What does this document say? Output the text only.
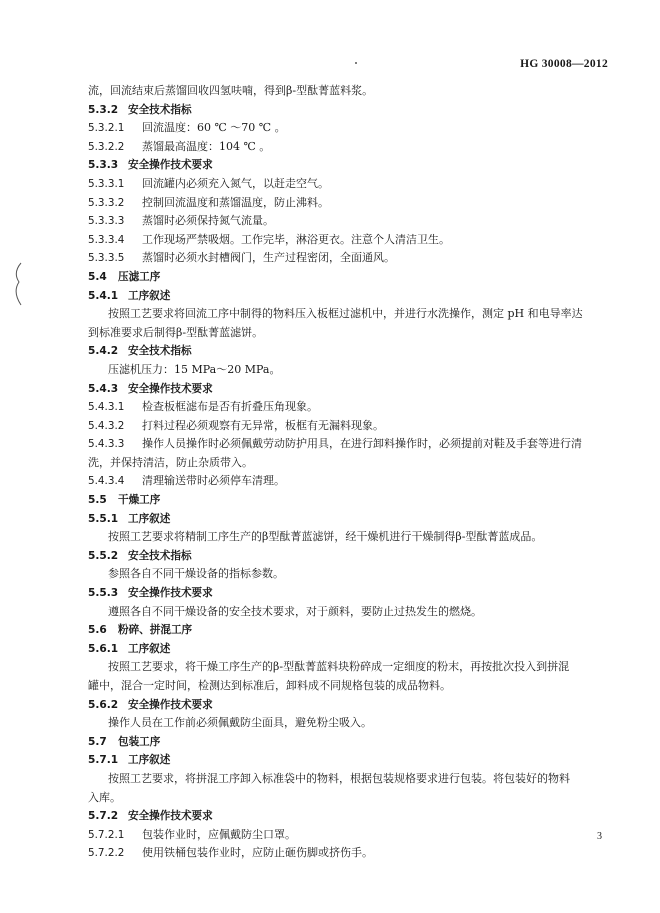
HG 30008—2012
流，回流结束后蒸馏回收四氢呋喃，得到β-型酞菁蓝料浆。
5.3.2 安全技术指标
5.3.2.1 回流温度：60 ℃ ～70 ℃ 。
5.3.2.2 蒸馏最高温度：104 ℃ 。
5.3.3 安全操作技术要求
5.3.3.1 回流罐内必须充入氮气，以赶走空气。
5.3.3.2 控制回流温度和蒸馏温度，防止沸料。
5.3.3.3 蒸馏时必须保持氮气流量。
5.3.3.4 工作现场严禁吸烟。工作完毕，淋浴更衣。注意个人清洁卫生。
5.3.3.5 蒸馏时必须水封槽阀门，生产过程密闭，全面通风。
5.4 压滤工序
5.4.1 工序叙述
按照工艺要求将回流工序中制得的物料压入板框过滤机中，并进行水洗操作，测定 pH 和电导率达
到标准要求后制得β-型酞菁蓝滤饼。
5.4.2 安全技术指标
压滤机压力：15 MPa～20 MPa。
5.4.3 安全操作技术要求
5.4.3.1 检查板框滤布是否有折叠压角现象。
5.4.3.2 打料过程必须观察有无异常，板框有无漏料现象。
5.4.3.3 操作人员操作时必须佩戴劳动防护用具，在进行卸料操作时，必须提前对鞋及手套等进行清
洗，并保持清洁，防止杂质带入。
5.4.3.4 清理输送带时必须停车清理。
5.5 干燥工序
5.5.1 工序叙述
按照工艺要求将精制工序生产的β型酞菁蓝滤饼，经干燥机进行干燥制得β-型酞菁蓝成品。
5.5.2 安全技术指标
参照各自不同干燥设备的指标参数。
5.5.3 安全操作技术要求
遵照各自不同干燥设备的安全技术要求，对于颜料，要防止过热发生的燃烧。
5.6 粉碎、拼混工序
5.6.1 工序叙述
按照工艺要求，将干燥工序生产的β-型酞菁蓝料块粉碎成一定细度的粉末，再按批次投入到拼混
罐中，混合一定时间，检测达到标准后，卸料成不同规格包装的成品物料。
5.6.2 安全操作技术要求
操作人员在工作前必须佩戴防尘面具，避免粉尘吸入。
5.7 包装工序
5.7.1 工序叙述
按照工艺要求，将拼混工序卸入标准袋中的物料，根据包装规格要求进行包装。将包装好的物料
入库。
5.7.2 安全操作技术要求
5.7.2.1 包装作业时，应佩戴防尘口罩。
5.7.2.2 使用铁桶包装作业时，应防止砸伤脚或挤伤手。
3
